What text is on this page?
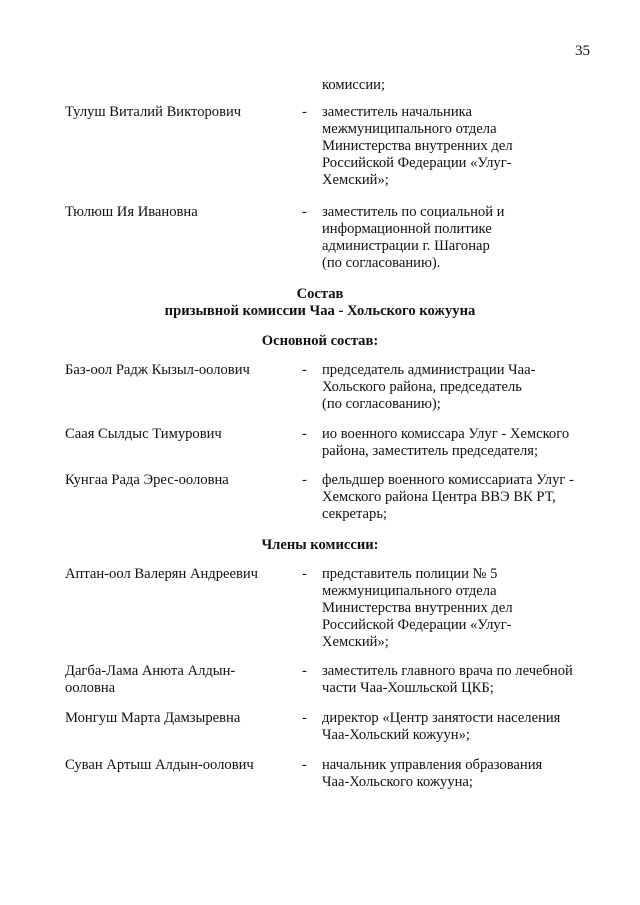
35
комиссии;
Тулуш Виталий Викторович	- заместитель начальника
межмуниципального отдела
Министерства внутренних дел
Российской Федерации «Улуг-
Хемский»;
Тюлюш Ия Ивановна	- заместитель по социальной и
информационной политике
администрации г. Шагонар
(по согласованию).
Состав
призывной комиссии Чаа - Хольского кожууна
Основной состав:
Баз-оол Радж Кызыл-оолович	- председатель администрации Чаа-
Хольского района, председатель
(по согласованию);
Саая Сылдыс Тимурович	- ио военного комиссара Улуг - Хемского
района, заместитель председателя;
Кунгаа Рада Эрес-ооловна	- фельдшер военного комиссариата Улуг -
Хемского района Центра ВВЭ ВК РТ,
секретарь;
Члены комиссии:
Аптан-оол Валерян Андреевич	- представитель полиции № 5
межмуниципального отдела
Министерства внутренних дел
Российской Федерации «Улуг-
Хемский»;
Дагба-Лама Анюта Алдын-
ооловна
- заместитель главного врача по лечебной
части Чаа-Хошльской ЦКБ;
Монгуш Марта Дамзыревна	- директор «Центр занятости населения
Чаа-Хольский кожуун»;
Суван Артыш Алдын-оолович	- начальник управления образования
Чаа-Хольского кожууна;
